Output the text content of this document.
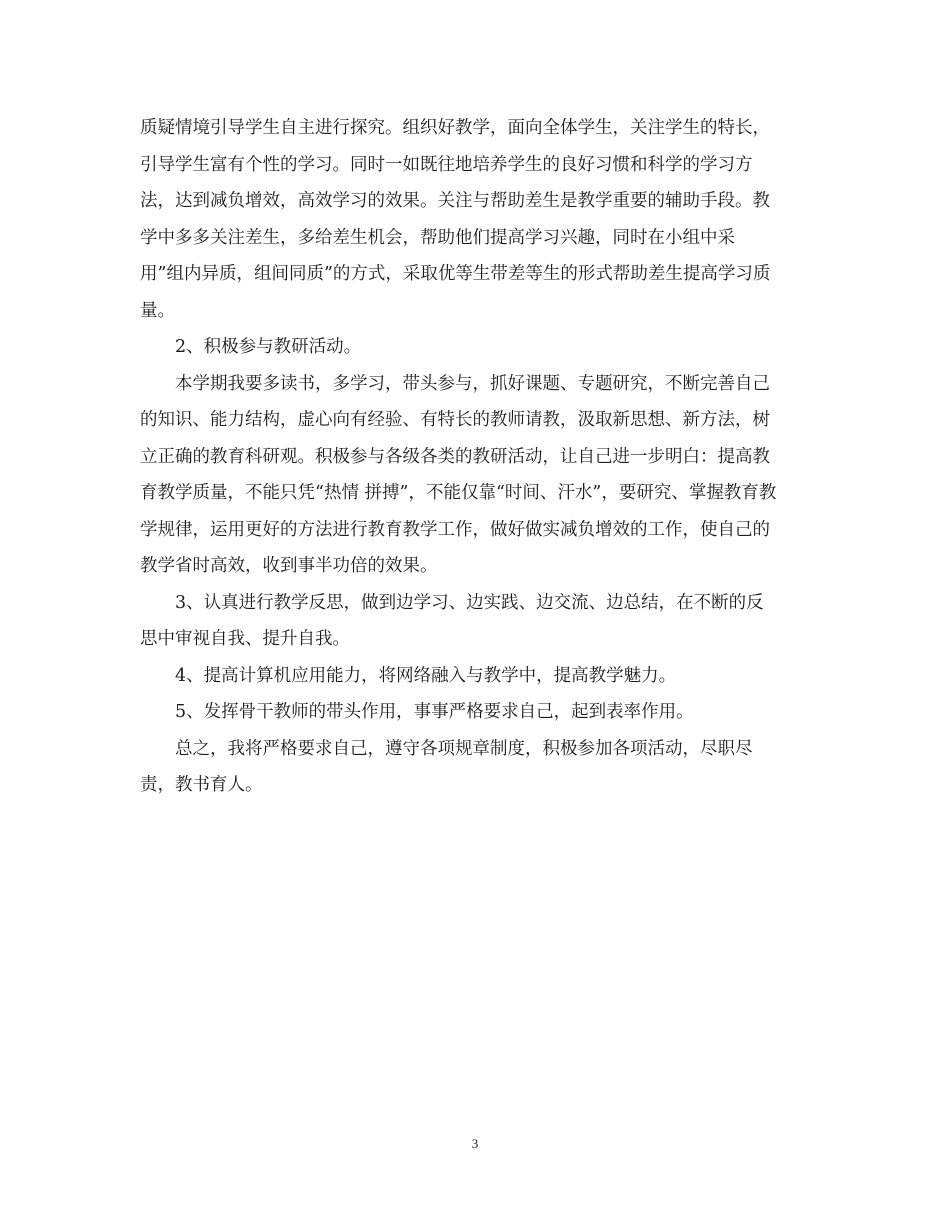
质疑情境引导学生自主进行探究。组织好教学，面向全体学生，关注学生的特长，
引导学生富有个性的学习。同时一如既往地培养学生的良好习惯和科学的学习方
法，达到减负增效，高效学习的效果。关注与帮助差生是教学重要的辅助手段。教
学中多多关注差生，多给差生机会，帮助他们提高学习兴趣，同时在小组中采
用”组内异质，组间同质”的方式，采取优等生带差等生的形式帮助差生提高学习质
量。
2、积极参与教研活动。
本学期我要多读书，多学习，带头参与，抓好课题、专题研究，不断完善自己
的知识、能力结构，虚心向有经验、有特长的教师请教，汲取新思想、新方法，树
立正确的教育科研观。积极参与各级各类的教研活动，让自己进一步明白：提高教
育教学质量，不能只凭“热情 拼搏”，不能仅靠“时间、汗水”，要研究、掌握教育教
学规律，运用更好的方法进行教育教学工作，做好做实减负增效的工作，使自己的
教学省时高效，收到事半功倍的效果。
3、认真进行教学反思，做到边学习、边实践、边交流、边总结，在不断的反
思中审视自我、提升自我。
4、提高计算机应用能力，将网络融入与教学中，提高教学魅力。
5、发挥骨干教师的带头作用，事事严格要求自己，起到表率作用。
总之，我将严格要求自己，遵守各项规章制度，积极参加各项活动，尽职尽
责，教书育人。
3
